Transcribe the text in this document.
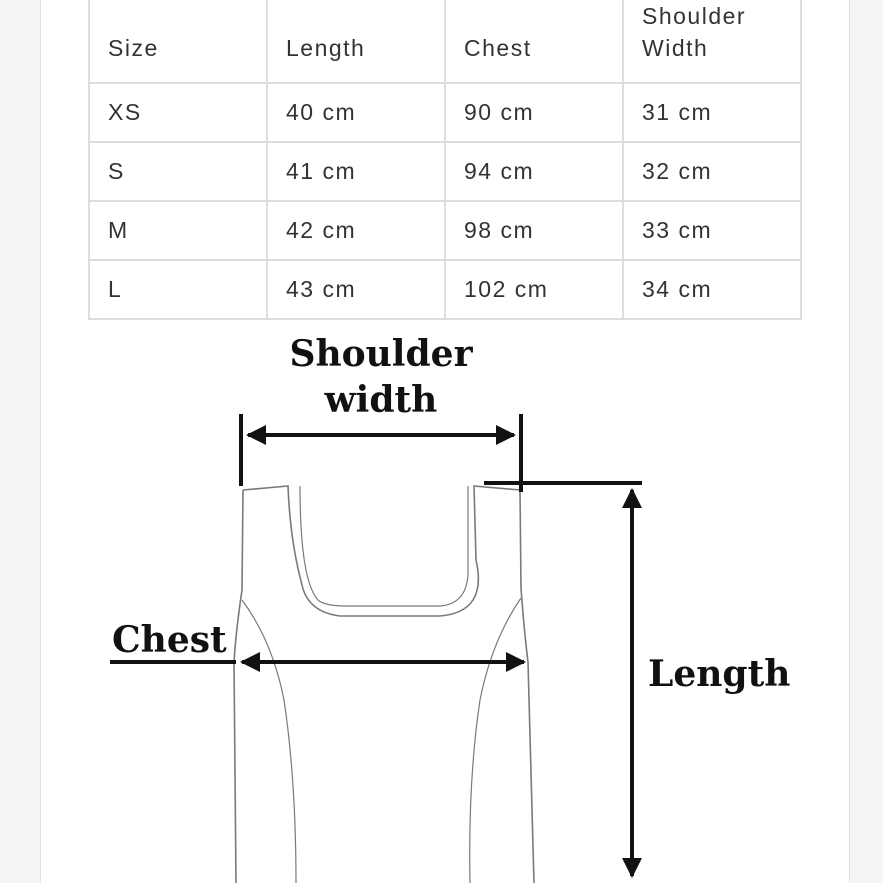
Size	Length	Chest	Shoulder Width
XS	40 cm	90 cm	31 cm
S	41 cm	94 cm	32 cm
M	42 cm	98 cm	33 cm
L	43 cm	102 cm	34 cm
Shoulder
width
Chest
Length
